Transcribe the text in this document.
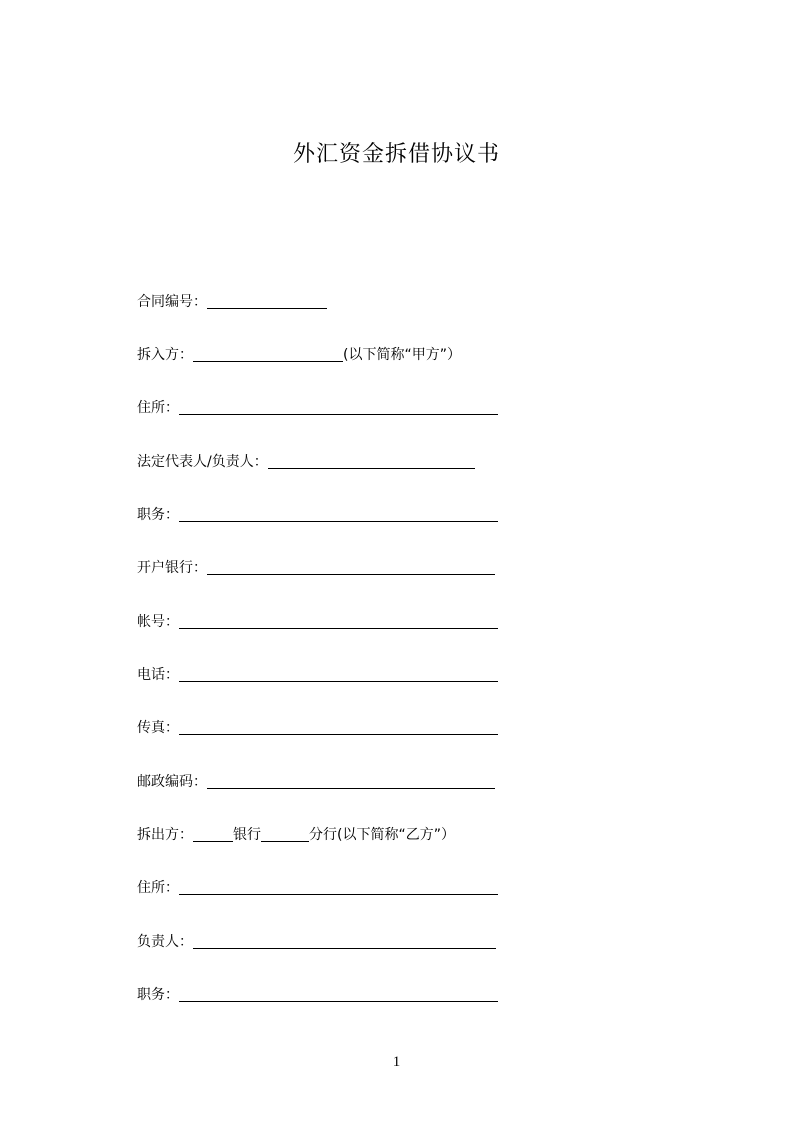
外汇资金拆借协议书
合同编号：
拆入方：	(以下简称“甲方”）
住所：
法定代表人/负责人：
职务：
开户银行：
帐号：
电话：
传真：
邮政编码：
拆出方：	银行	分行 (以下简称“乙方”）
住所：
负责人：
职务：
1
